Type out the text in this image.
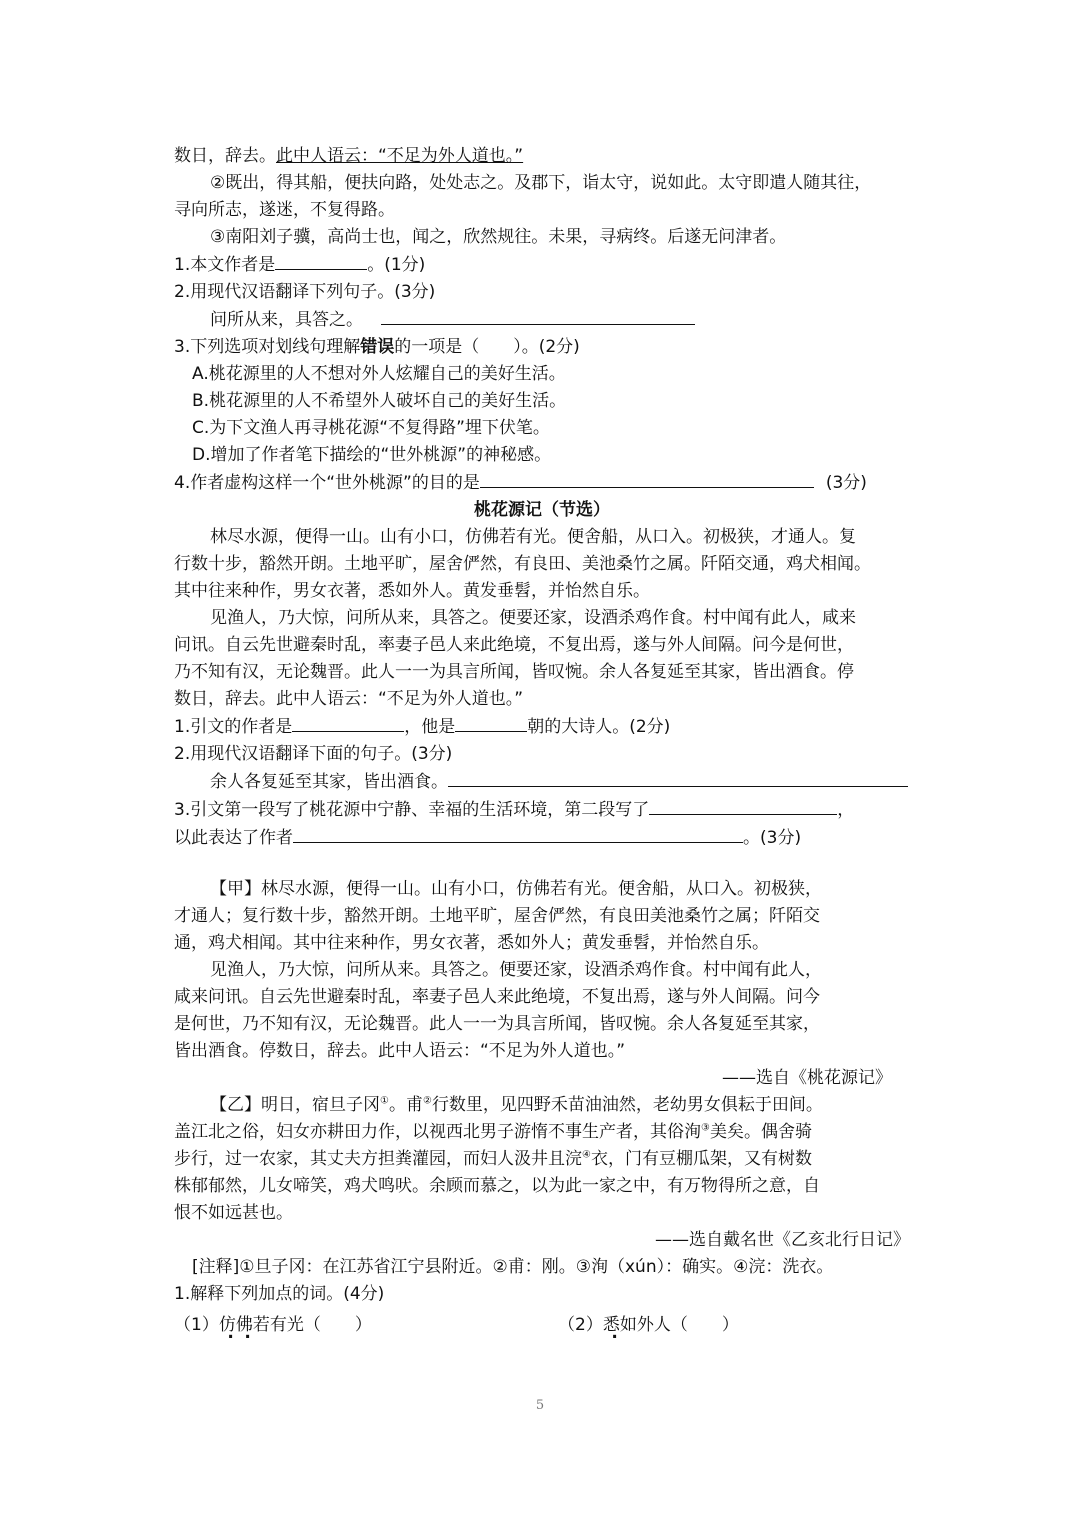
数日，辞去。此中人语云：“不足为外人道也。”

②既出，得其船，便扶向路，处处志之。及郡下，诣太守，说如此。太守即遣人随其往，

寻向所志，遂迷，不复得路。

③南阳刘子骥，高尚士也，闻之，欣然规往。未果，寻病终。后遂无问津者。

1.本文作者是	。(1分)

2.用现代汉语翻译下列句子。(3分)

问所从来，具答之。

3.下列选项对划线句理解错误的一项是（　　）。(2分)

A.桃花源里的人不想对外人炫耀自己的美好生活。

B.桃花源里的人不希望外人破坏自己的美好生活。

C.为下文渔人再寻桃花源“不复得路”埋下伏笔。

D.增加了作者笔下描绘的“世外桃源”的神秘感。

4.作者虚构这样一个“世外桃源”的目的是	(3分)

桃花源记（节选）

林尽水源，便得一山。山有小口，仿佛若有光。便舍船，从口入。初极狭，才通人。复

行数十步，豁然开朗。土地平旷，屋舍俨然，有良田、美池桑竹之属。阡陌交通，鸡犬相闻。

其中往来种作，男女衣著，悉如外人。黄发垂髫，并怡然自乐。

见渔人，乃大惊，问所从来，具答之。便要还家，设酒杀鸡作食。村中闻有此人，咸来

问讯。自云先世避秦时乱，率妻子邑人来此绝境，不复出焉，遂与外人间隔。问今是何世，

乃不知有汉，无论魏晋。此人一一为具言所闻，皆叹惋。余人各复延至其家，皆出酒食。停

数日，辞去。此中人语云：“不足为外人道也。”

1.引文的作者是	，他是	朝的大诗人。(2分)

2.用现代汉语翻译下面的句子。(3分)

余人各复延至其家，皆出酒食。

3.引文第一段写了桃花源中宁静、幸福的生活环境，第二段写了	，

以此表达了作者	。(3分)

【甲】林尽水源，便得一山。山有小口，仿佛若有光。便舍船，从口入。初极狭，

才通人；复行数十步，豁然开朗。土地平旷，屋舍俨然，有良田美池桑竹之属；阡陌交

通，鸡犬相闻。其中往来种作，男女衣著，悉如外人；黄发垂髫，并怡然自乐。

见渔人，乃大惊，问所从来。具答之。便要还家，设酒杀鸡作食。村中闻有此人，

咸来问讯。自云先世避秦时乱，率妻子邑人来此绝境，不复出焉，遂与外人间隔。问今

是何世，乃不知有汉，无论魏晋。此人一一为具言所闻，皆叹惋。余人各复延至其家，

皆出酒食。停数日，辞去。此中人语云：“不足为外人道也。”

——选自《桃花源记》

【乙】明日，宿旦子冈①。甫②行数里，见四野禾苗油油然，老幼男女俱耘于田间。

盖江北之俗，妇女亦耕田力作，以视西北男子游惰不事生产者，其俗洵③美矣。偶舍骑

步行，过一农家，其丈夫方担粪灌园，而妇人汲井且浣④衣，门有豆棚瓜架，又有树数

株郁郁然，儿女啼笑，鸡犬鸣吠。余顾而慕之，以为此一家之中，有万物得所之意，自

恨不如远甚也。

——选自戴名世《乙亥北行日记》

[注释]①旦子冈：在江苏省江宁县附近。②甫：刚。③洵（xún）：确实。④浣：洗衣。

1.解释下列加点的词。(4分)

（1）仿佛若有光（　　）	（2）悉如外人（　　）
5
